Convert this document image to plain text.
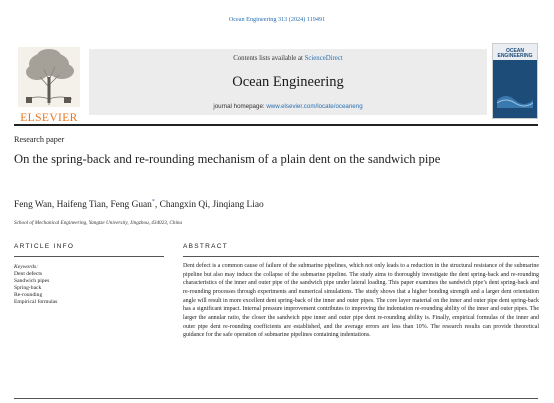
Ocean Engineering 313 (2024) 119491
ELSEVIER
Contents lists available at ScienceDirect
Ocean Engineering
journal homepage: www.elsevier.com/locate/oceaneng
OCEAN
ENGINEERING
Research paper
On the spring-back and re-rounding mechanism of a plain dent on the sandwich pipe
Feng Wan, Haifeng Tian, Feng Guan*, Changxin Qi, Jinqiang Liao
School of Mechanical Engineering, Yangtze University, Jingzhou, 434023, China
ARTICLE INFO	ABSTRACT
Keywords:
Dent defects
Sandwich pipes
Spring-back
Re-rounding
Empirical formulas
Dent defect is a common cause of failure of the submarine pipelines, which not only leads to a reduction in the structural resistance of the submarine pipeline but also may induce the collapse of the submarine pipeline. The study aims to thoroughly investigate the dent spring-back and re-rounding characteristics of the inner and outer pipe of the sandwich pipe under lateral loading. This paper examines the sandwich pipe’s dent spring-back and re-rounding processes through experiments and numerical simulations. The study shows that a higher bonding strength and a larger dent orientation angle will result in more excellent dent spring-back of the inner and outer pipes. The core layer material on the inner and outer pipe dent spring-back has a significant impact. Internal pressure improvement contributes to improving the indentation re-rounding ability of the inner and outer pipes. The larger the annular ratio, the closer the sandwich pipe inner and outer pipe dent re-rounding ability is. Finally, empirical formulas of the inner and outer pipe dent re-rounding coefficients are established, and the average errors are less than 10%. The research results can provide theoretical guidance for the safe operation of submarine pipelines containing indentations.
